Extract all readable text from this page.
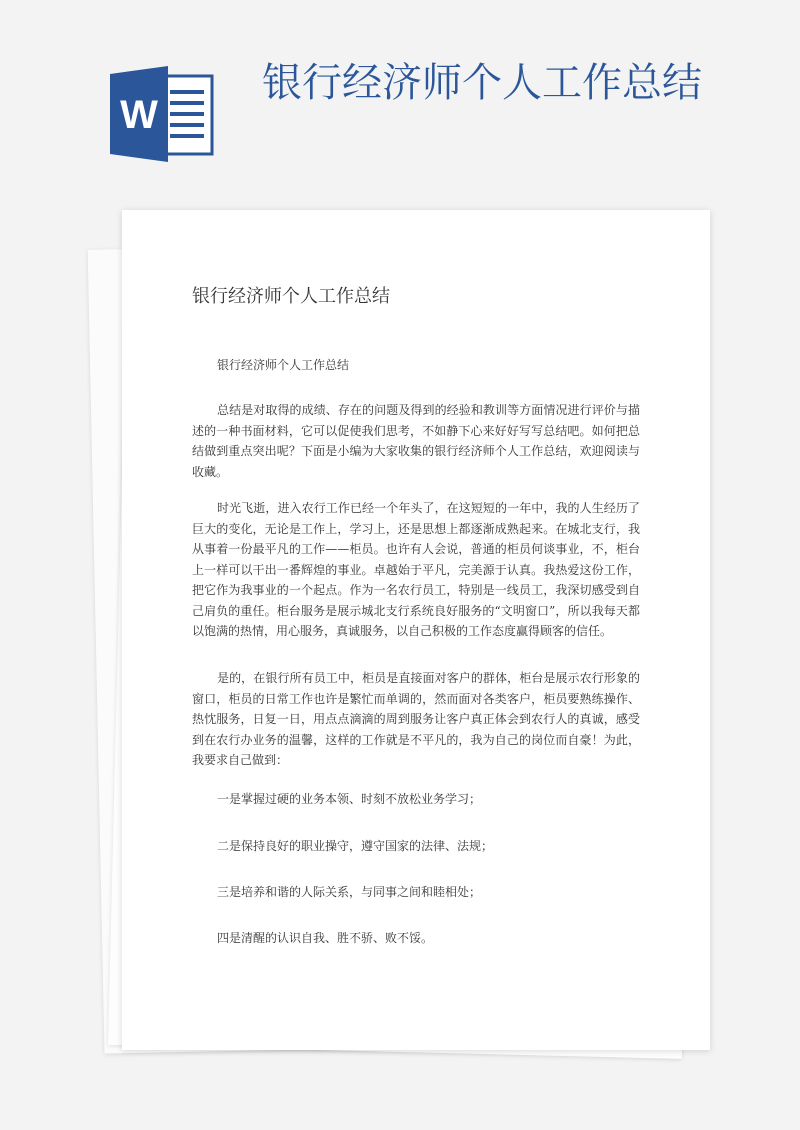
W
银行经济师个人工作总结
银行经济师个人工作总结

银行经济师个人工作总结

总结是对取得的成绩、存在的问题及得到的经验和教训等方面情况进行评价与描述的一种书面材料，它可以促使我们思考，不如静下心来好好写写总结吧。如何把总结做到重点突出呢？下面是小编为大家收集的银行经济师个人工作总结，欢迎阅读与收藏。

时光飞逝，进入农行工作已经一个年头了，在这短短的一年中，我的人生经历了巨大的变化，无论是工作上，学习上，还是思想上都逐渐成熟起来。在城北支行，我从事着一份最平凡的工作——柜员。也许有人会说，普通的柜员何谈事业，不，柜台上一样可以干出一番辉煌的事业。卓越始于平凡，完美源于认真。我热爱这份工作，把它作为我事业的一个起点。作为一名农行员工，特别是一线员工，我深切感受到自己肩负的重任。柜台服务是展示城北支行系统良好服务的“文明窗口”，所以我每天都以饱满的热情，用心服务，真诚服务，以自己积极的工作态度赢得顾客的信任。

是的，在银行所有员工中，柜员是直接面对客户的群体，柜台是展示农行形象的窗口，柜员的日常工作也许是繁忙而单调的，然而面对各类客户，柜员要熟练操作、热忱服务，日复一日，用点点滴滴的周到服务让客户真正体会到农行人的真诚，感受到在农行办业务的温馨，这样的工作就是不平凡的，我为自己的岗位而自豪！为此，我要求自己做到：

一是掌握过硬的业务本领、时刻不放松业务学习；

二是保持良好的职业操守，遵守国家的法律、法规；

三是培养和谐的人际关系，与同事之间和睦相处；

四是清醒的认识自我、胜不骄、败不馁。
